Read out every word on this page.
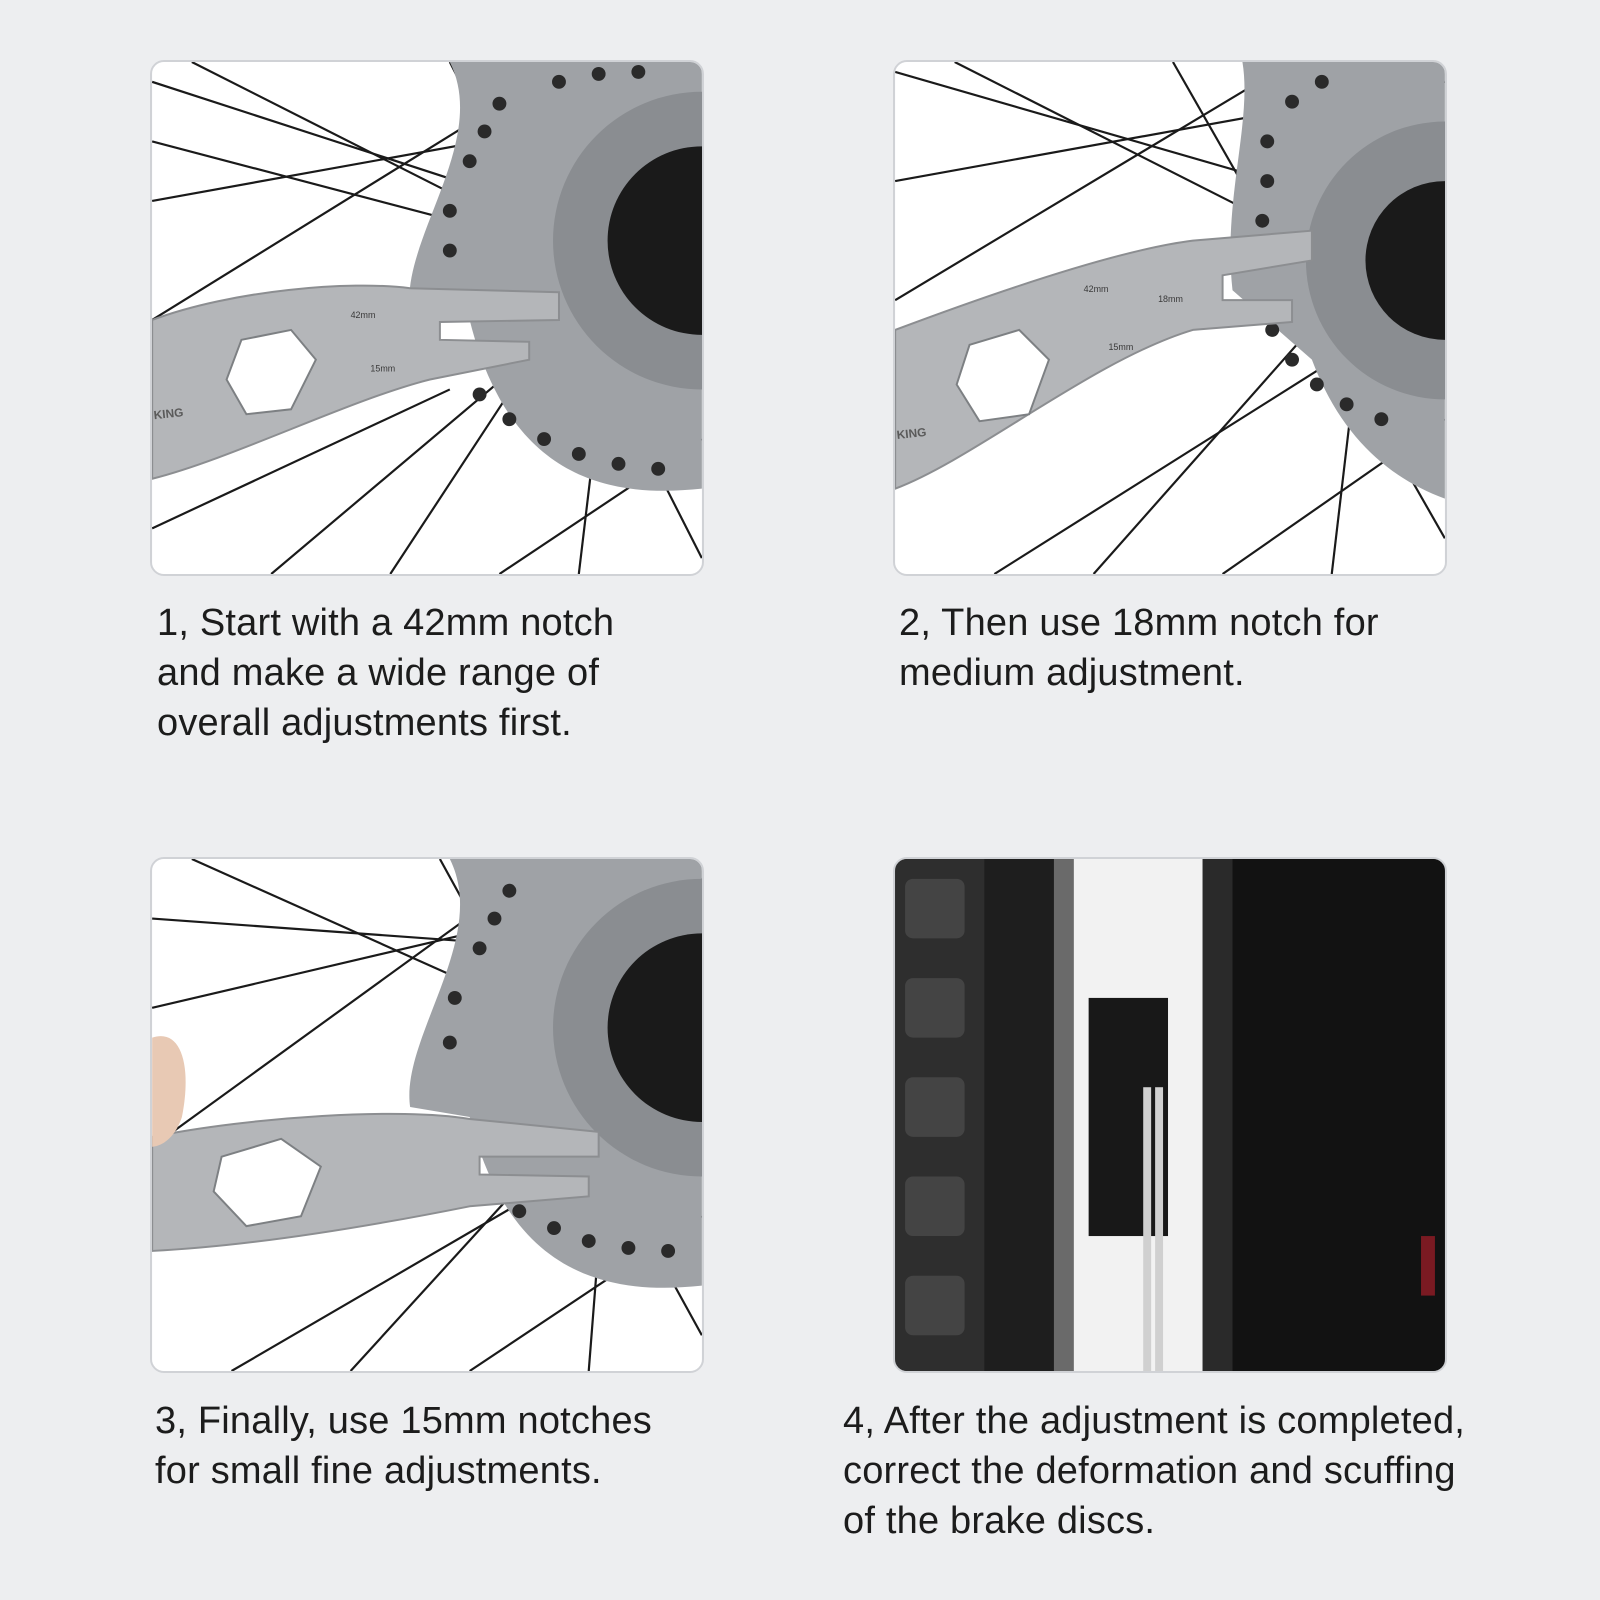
42mm
15mm
KING
42mm
18mm
15mm
KING
1, Start with a 42mm notch
and make a wide range of
overall adjustments first.
2, Then use 18mm notch for
medium adjustment.
3, Finally, use 15mm notches
for small fine adjustments.
4, After the adjustment is completed,
correct the deformation and scuffing
of the brake discs.
